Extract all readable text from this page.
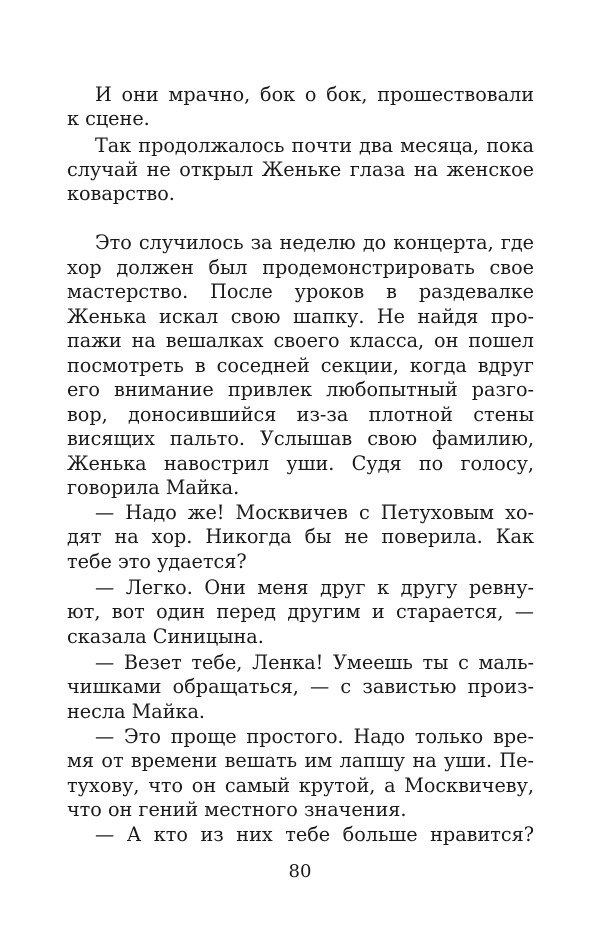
И они мрачно, бок о бок, прошествовали
к сцене.
Так продолжалось почти два месяца, пока
случай не открыл Женьке глаза на женское
коварство.
Это случилось за неделю до концерта, где
хор должен был продемонстрировать свое
мастерство. После уроков в раздевалке
Женька искал свою шапку. Не найдя про-
пажи на вешалках своего класса, он пошел
посмотреть в соседней секции, когда вдруг
его внимание привлек любопытный разго-
вор, доносившийся из-за плотной стены
висящих пальто. Услышав свою фамилию,
Женька навострил уши. Судя по голосу,
говорила Майка.
— Надо же! Москвичев с Петуховым хо-
дят на хор. Никогда бы не поверила. Как
тебе это удается?
— Легко. Они меня друг к другу ревну-
ют, вот один перед другим и старается, —
сказала Синицына.
— Везет тебе, Ленка! Умеешь ты с маль-
чишками обращаться, — с завистью произ-
несла Майка.
— Это проще простого. Надо только вре-
мя от времени вешать им лапшу на уши. Пе-
тухову, что он самый крутой, а Москвичеву,
что он гений местного значения.
— А кто из них тебе больше нравится?
80
